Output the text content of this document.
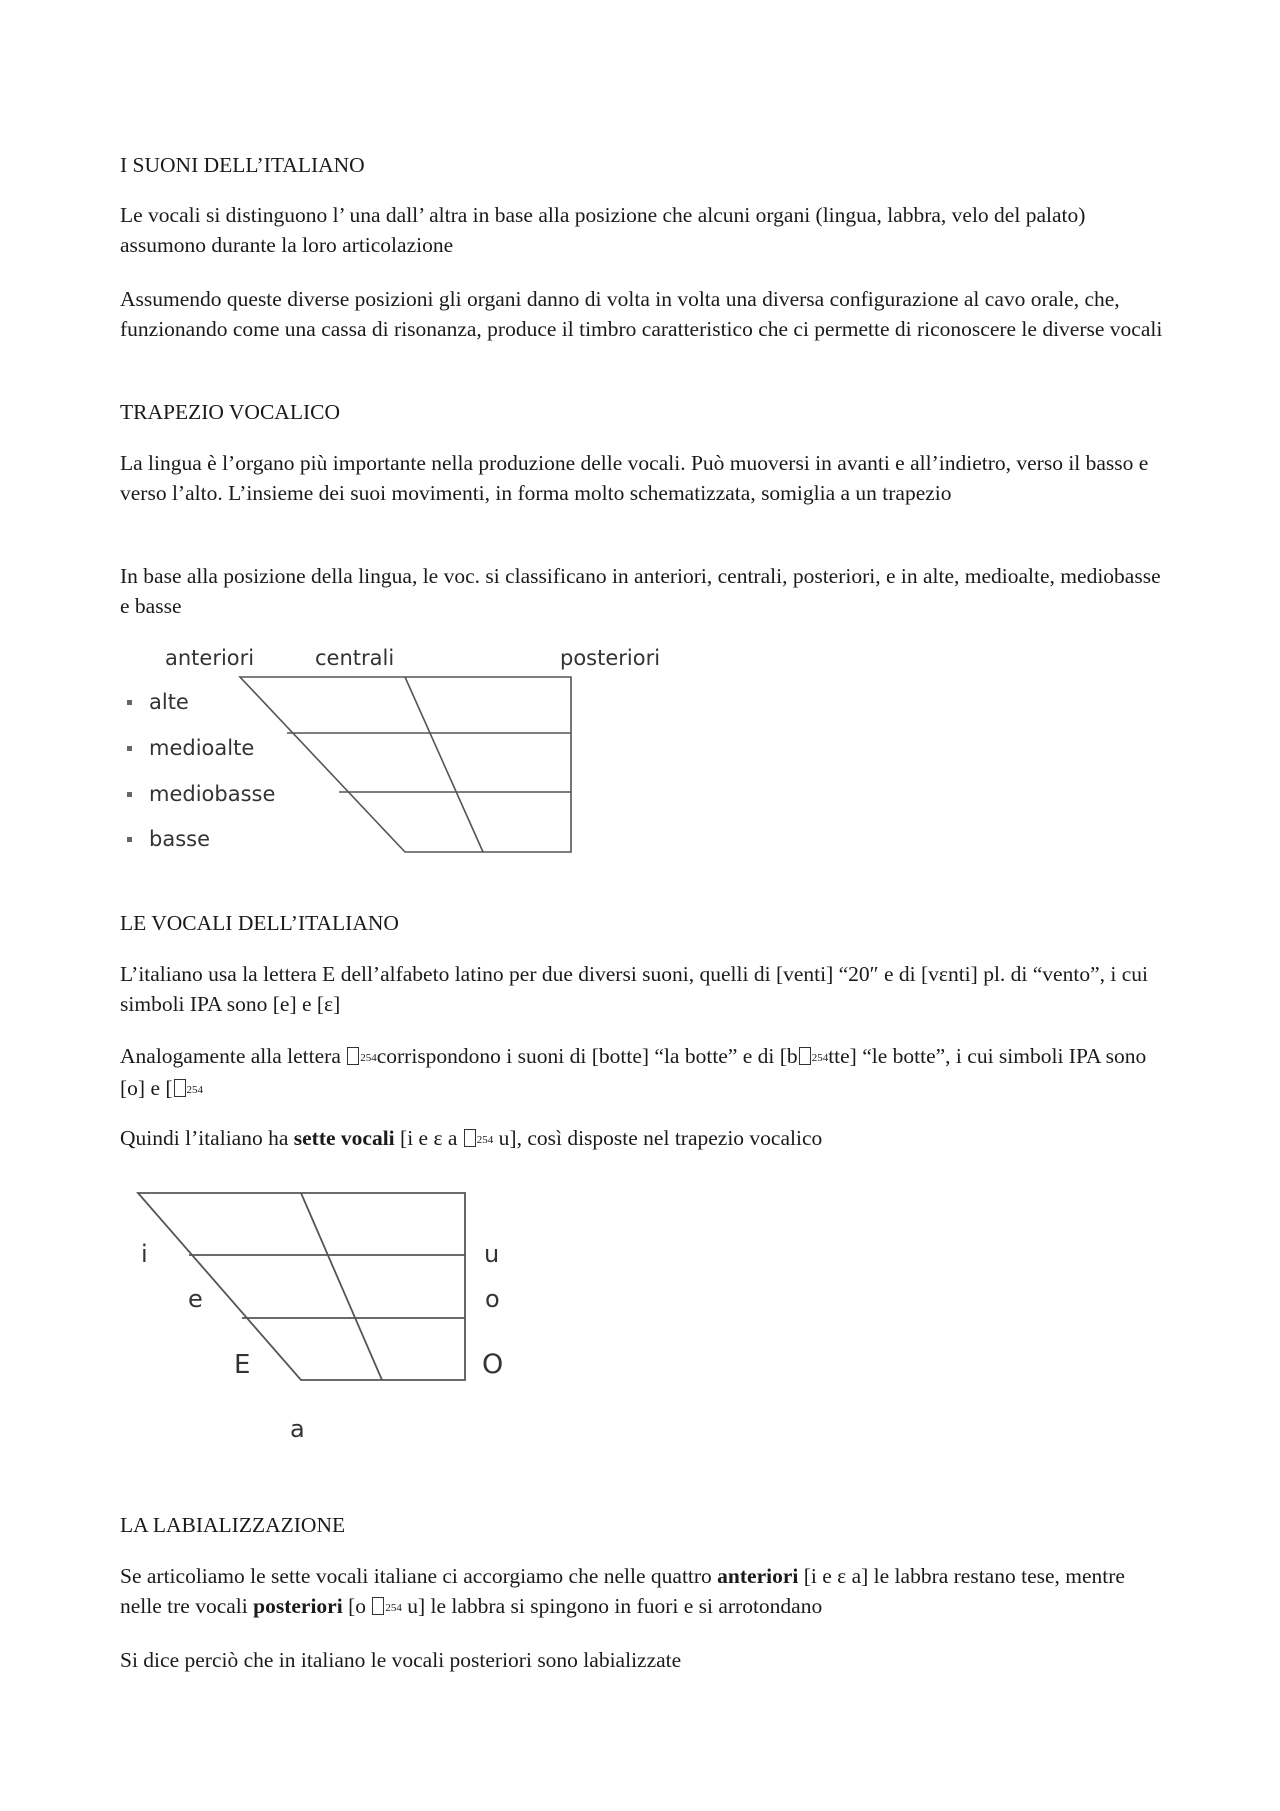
I SUONI DELL’ITALIANO

Le vocali si distinguono l’ una dall’ altra in base alla posizione che alcuni organi (lingua, labbra, velo del palato) assumono durante la loro articolazione

Assumendo queste diverse posizioni gli organi danno di volta in volta una diversa configurazione al cavo orale, che, funzionando come una cassa di risonanza, produce il timbro caratteristico che ci permette di riconoscere le diverse vocali

TRAPEZIO VOCALICO

La lingua è l’organo più importante nella produzione delle vocali. Può muoversi in avanti e all’indietro, verso il basso e verso l’alto. L’insieme dei suoi movimenti, in forma molto schematizzata, somiglia a un trapezio

In base alla posizione della lingua, le voc. si classificano in anteriori, centrali, posteriori, e in alte, medioalte, mediobasse e basse

anteriori	centrali	posteriori
alte
medioalte
mediobasse
basse

LE VOCALI DELL’ITALIANO

L’italiano usa la lettera E dell’alfabeto latino per due diversi suoni, quelli di [venti] “20″ e di [vɛnti] pl. di “vento”, i cui simboli IPA sono [e] e [ɛ]

Analogamente alla lettera 254corrispondono i suoni di [botte] “la botte” e di [b 254tte] “le botte”, i cui simboli IPA sono [o] e [ 254

Quindi l’italiano ha sette vocali [i e ɛ a 254 u], così disposte nel trapezio vocalico

i
e
E
a
u
o
O

LA LABIALIZZAZIONE

Se articoliamo le sette vocali italiane ci accorgiamo che nelle quattro anteriori [i e ɛ a] le labbra restano tese, mentre nelle tre vocali posteriori [o 254 u] le labbra si spingono in fuori e si arrotondano

Si dice perciò che in italiano le vocali posteriori sono labializzate
